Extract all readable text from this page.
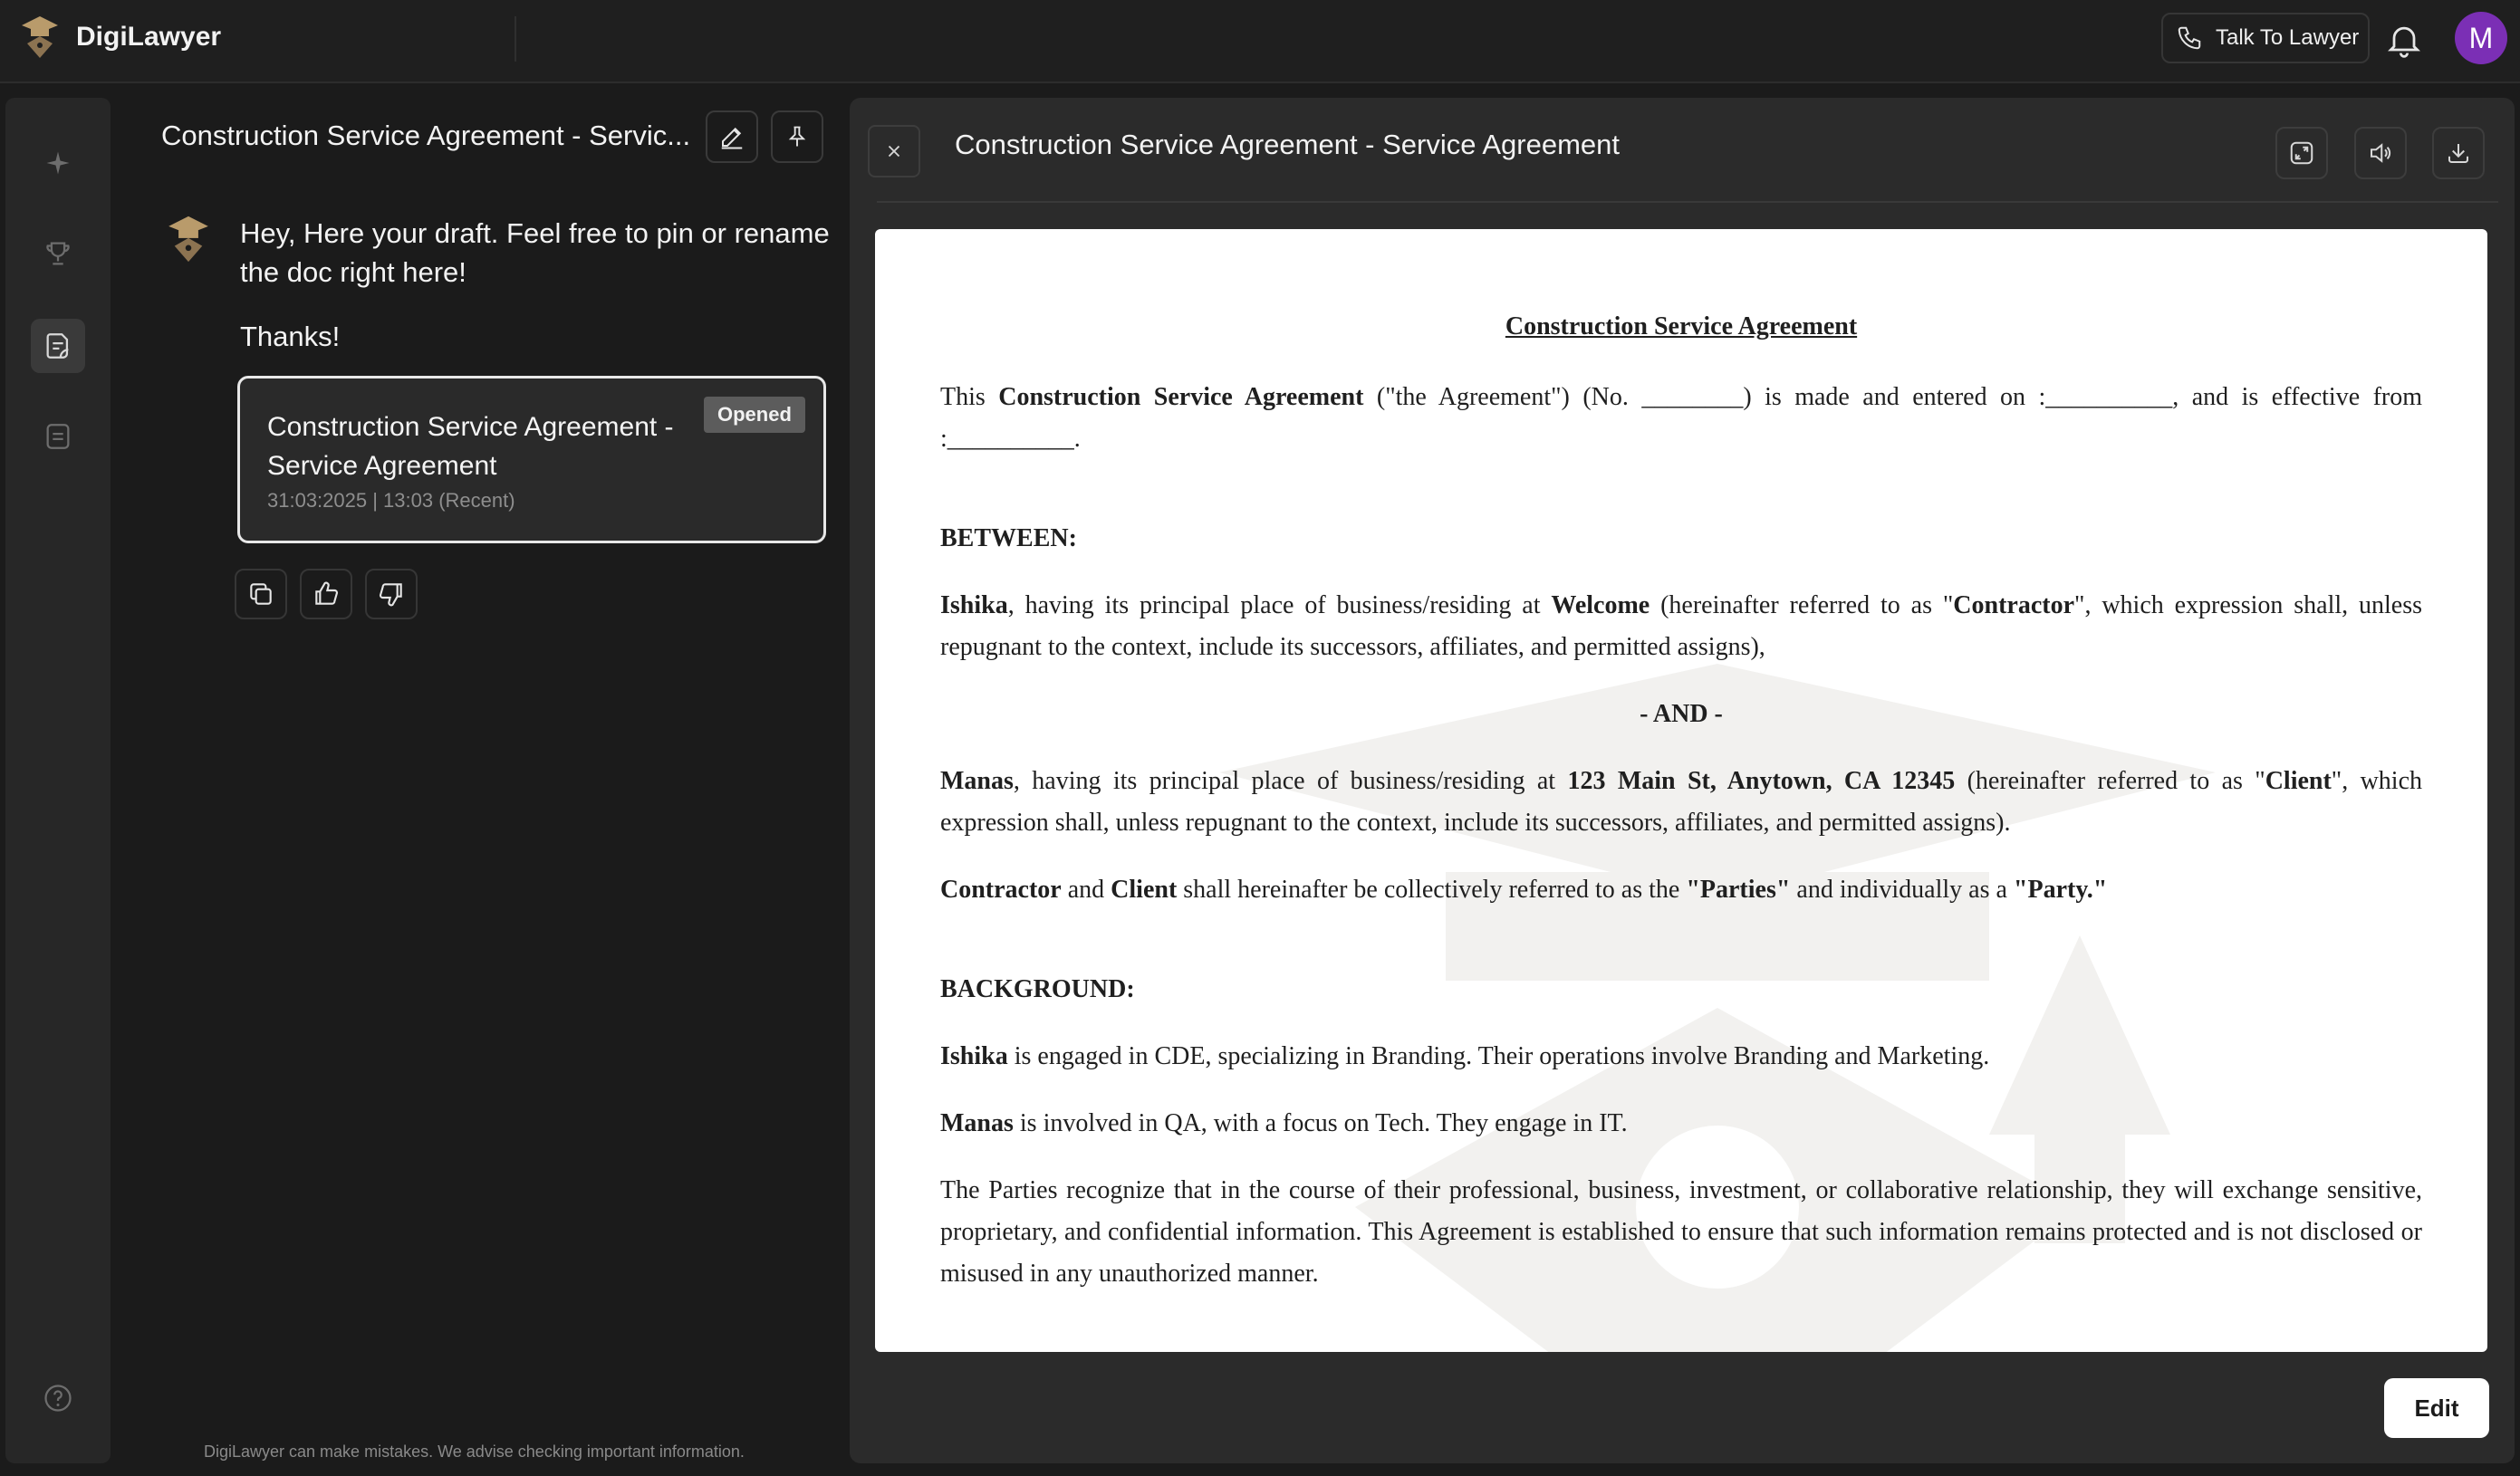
DigiLawyer	Talk To Lawyer	M
Construction Service Agreement - Servic...
Hey, Here your draft. Feel free to pin or rename the doc right here!
Thanks!
Construction Service Agreement - Service Agreement
Opened
31:03:2025 | 13:03 (Recent)
DigiLawyer can make mistakes. We advise checking important information.
Construction Service Agreement - Service Agreement

Construction Service Agreement

This Construction Service Agreement ("the Agreement") (No. ________) is made and entered on :__________, and is effective from :__________.

BETWEEN:

Ishika, having its principal place of business/residing at Welcome (hereinafter referred to as "Contractor", which expression shall, unless repugnant to the context, include its successors, affiliates, and permitted assigns),

- AND -

Manas, having its principal place of business/residing at 123 Main St, Anytown, CA 12345 (hereinafter referred to as "Client", which expression shall, unless repugnant to the context, include its successors, affiliates, and permitted assigns).

Contractor and Client shall hereinafter be collectively referred to as the "Parties" and individually as a "Party."

BACKGROUND:

Ishika is engaged in CDE, specializing in Branding. Their operations involve Branding and Marketing.

Manas is involved in QA, with a focus on Tech. They engage in IT.

The Parties recognize that in the course of their professional, business, investment, or collaborative relationship, they will exchange sensitive, proprietary, and confidential information. This Agreement is established to ensure that such information remains protected and is not disclosed or misused in any unauthorized manner.

Edit
